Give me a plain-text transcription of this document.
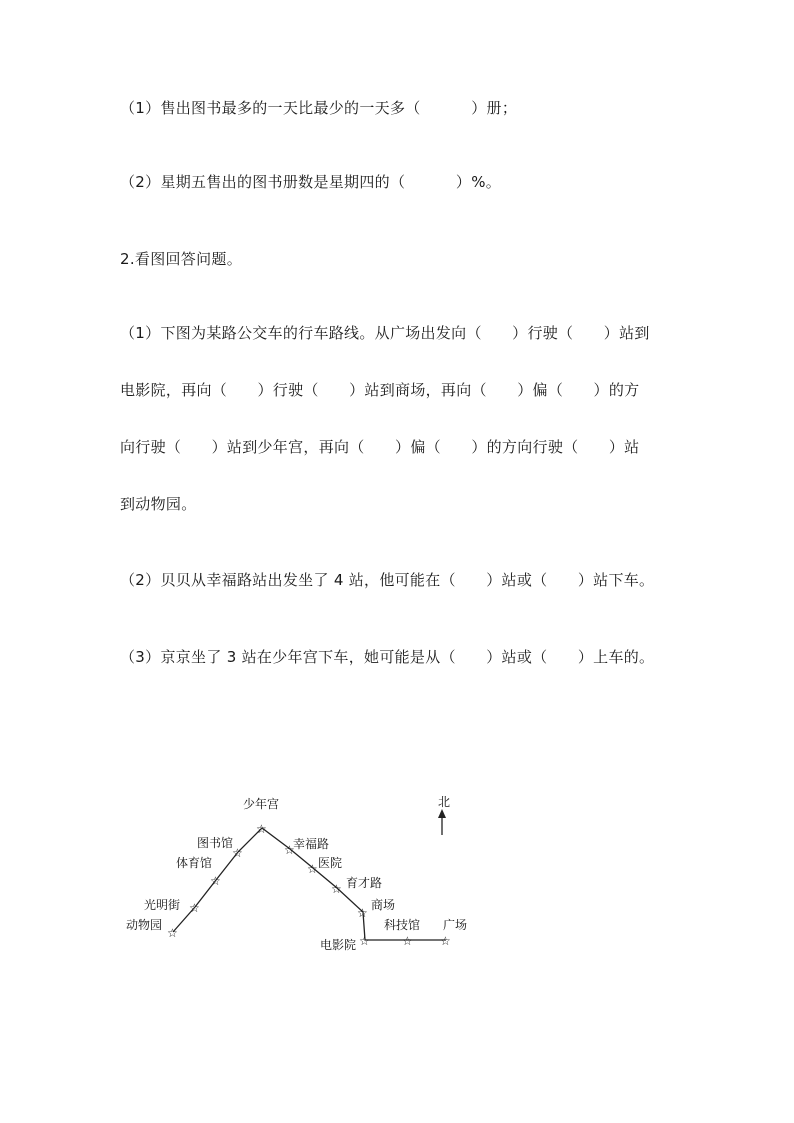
（1）售出图书最多的一天比最少的一天多（          ）册；
（2）星期五售出的图书册数是星期四的（          ）%。
2.看图回答问题。
（1）下图为某路公交车的行车路线。从广场出发向（      ）行驶（      ）站到
电影院，再向（      ）行驶（      ）站到商场，再向（      ）偏（      ）的方
向行驶（      ）站到少年宫，再向（      ）偏（      ）的方向行驶（      ）站
到动物园。
（2）贝贝从幸福路站出发坐了 4 站，他可能在（      ）站或（      ）站下车。
（3）京京坐了 3 站在少年宫下车，她可能是从（      ）站或（      ）上车的。
北
☆
动物园
☆
光明街
☆
体育馆
☆
图书馆
☆
少年宫
☆
幸福路
☆ 医院
☆ 育才路
☆
商场
☆
电影院	☆
科技馆
☆
广场
